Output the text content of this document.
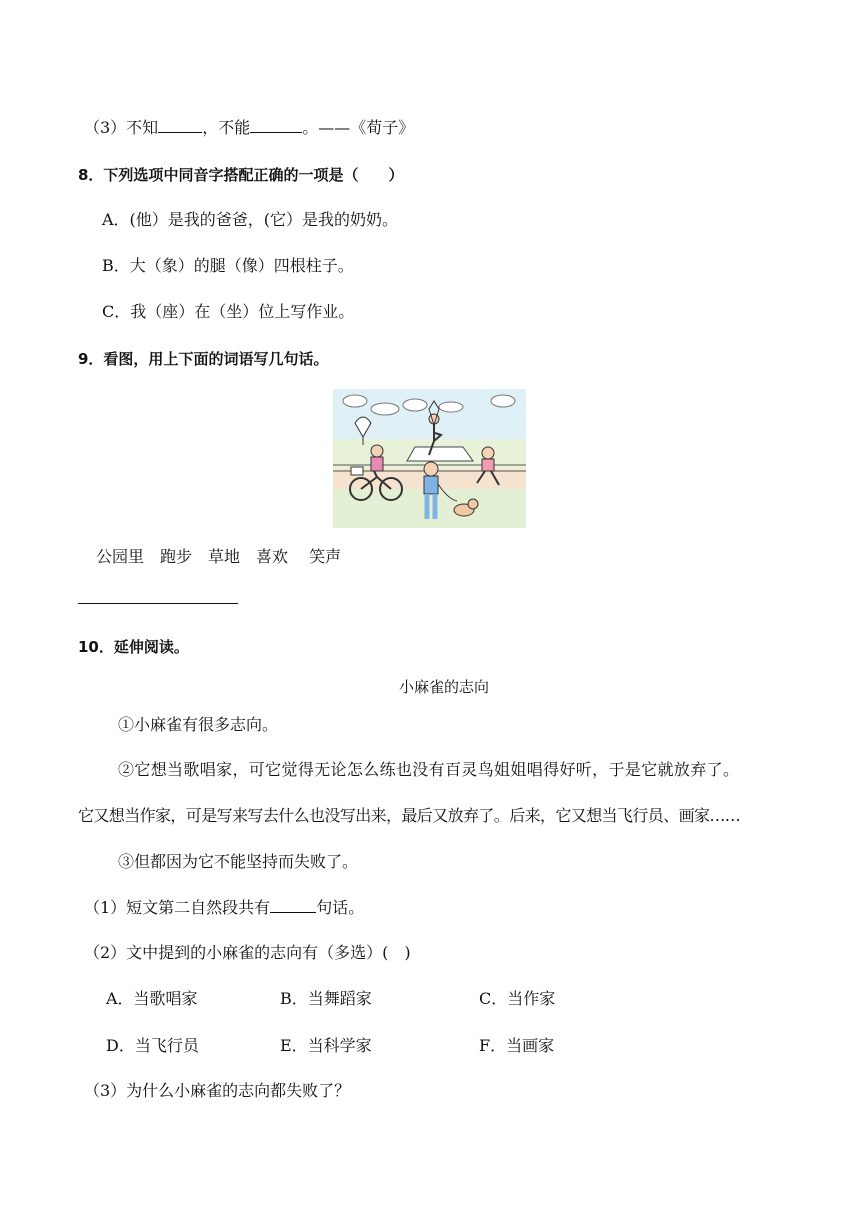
（3）不知	，不能	。——《荀子》
8．下列选项中同音字搭配正确的一项是（　　）
A．(他）是我的爸爸，(它）是我的奶奶。
B．大（象）的腿（像）四根柱子。
C．我（座）在（坐）位上写作业。
9．看图，用上下面的词语写几句话。
公园里　跑步　草地　喜欢　 笑声
10．延伸阅读。
小麻雀的志向
①小麻雀有很多志向。
②它想当歌唱家，可它觉得无论怎么练也没有百灵鸟姐姐唱得好听，于是它就放弃了。
它又想当作家，可是写来写去什么也没写出来，最后又放弃了。后来，它又想当飞行员、画家……
③但都因为它不能坚持而失败了。
（1）短文第二自然段共有	句话。
（2）文中提到的小麻雀的志向有（多选）(　)
A．当歌唱家	B．当舞蹈家	C．当作家
D．当飞行员	E．当科学家	F．当画家
（3）为什么小麻雀的志向都失败了？
